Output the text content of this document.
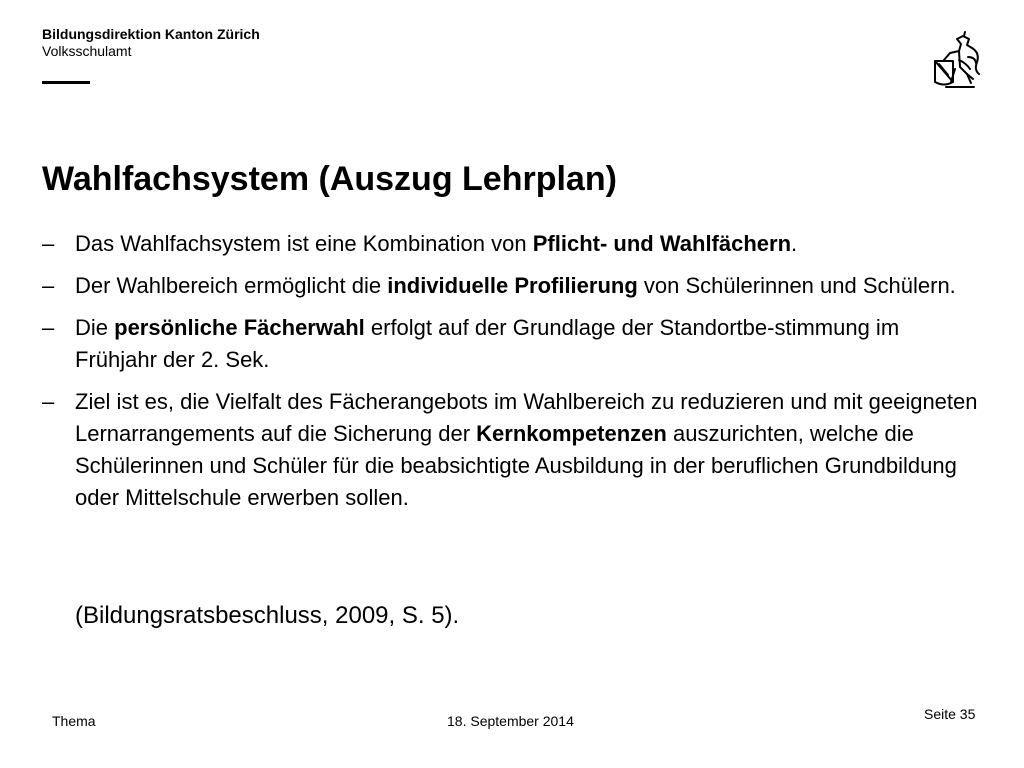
Bildungsdirektion Kanton Zürich
Volksschulamt
Wahlfachsystem (Auszug Lehrplan)
– Das Wahlfachsystem ist eine Kombination von Pflicht- und Wahlfächern.
– Der Wahlbereich ermöglicht die individuelle Profilierung von Schülerinnen und Schülern.
– Die persönliche Fächerwahl erfolgt auf der Grundlage der Standortbe-stimmung im Frühjahr der 2. Sek.
– Ziel ist es, die Vielfalt des Fächerangebots im Wahlbereich zu reduzieren und mit geeigneten Lernarrangements auf die Sicherung der Kernkompetenzen auszurichten, welche die Schülerinnen und Schüler für die beabsichtigte Ausbildung in der beruflichen Grundbildung oder Mittelschule erwerben sollen.
(Bildungsratsbeschluss, 2009, S. 5).
Thema	18. September 2014	Seite 35
